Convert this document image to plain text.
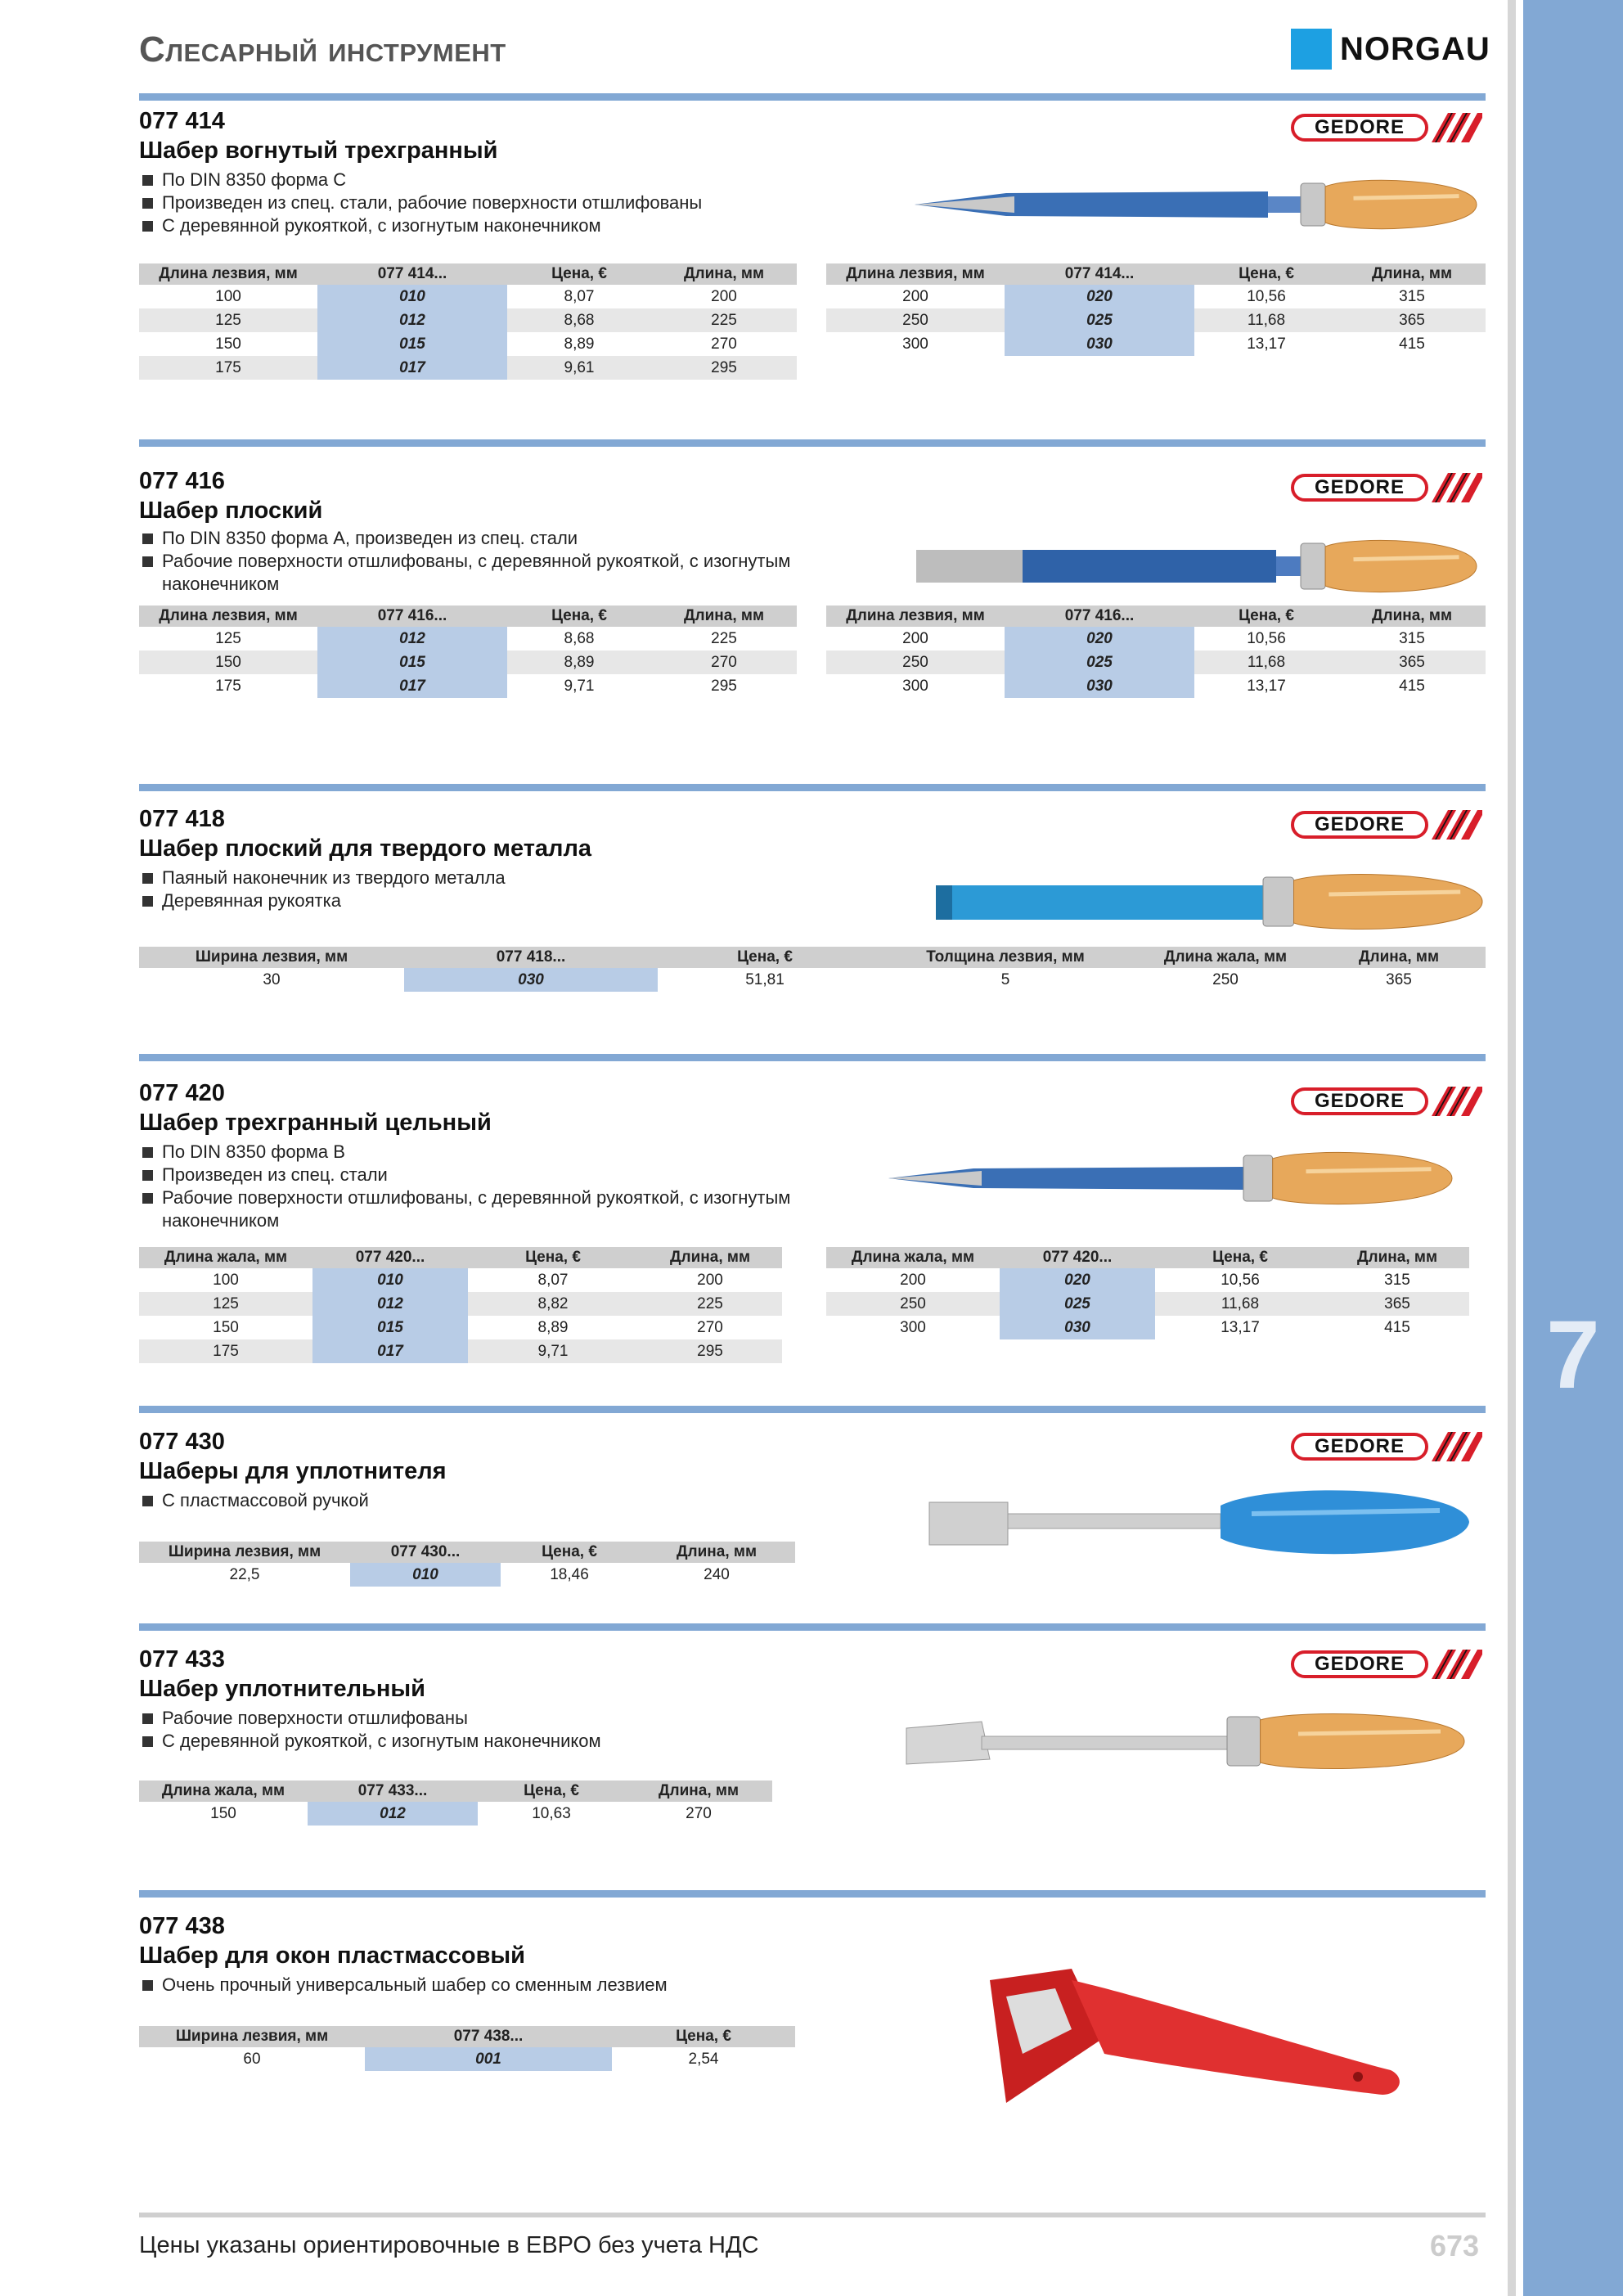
7
Слесарный инструмент	NORGAU
077 414
Шабер вогнутый трехгранный
По DIN 8350 форма С
Произведен из спец. стали, рабочие поверхности отшлифованы
С деревянной рукояткой, с изогнутым наконечником
GEDORE
Длина лезвия, мм	077 414...	Цена, €	Длина, мм
100	010	8,07	200
125	012	8,68	225
150	015	8,89	270
175	017	9,61	295
Длина лезвия, мм	077 414...	Цена, €	Длина, мм
200	020	10,56	315
250	025	11,68	365
300	030	13,17	415
077 416
Шабер плоский
По DIN 8350 форма А, произведен из спец. стали
Рабочие поверхности отшлифованы, с деревянной рукояткой, с изогнутым наконечником
GEDORE
Длина лезвия, мм	077 416...	Цена, €	Длина, мм
125	012	8,68	225
150	015	8,89	270
175	017	9,71	295
Длина лезвия, мм	077 416...	Цена, €	Длина, мм
200	020	10,56	315
250	025	11,68	365
300	030	13,17	415
077 418
Шабер плоский для твердого металла
Паяный наконечник из твердого металла
Деревянная рукоятка
GEDORE
Ширина лезвия, мм	077 418...	Цена, €	Толщина лезвия, мм	Длина жала, мм	Длина, мм
30	030	51,81	5	250	365
077 420
Шабер трехгранный цельный
По DIN 8350 форма В
Произведен из спец. стали
Рабочие поверхности отшлифованы, с деревянной рукояткой, с изогнутым наконечником
GEDORE
Длина жала, мм	077 420...	Цена, €	Длина, мм
100	010	8,07	200
125	012	8,82	225
150	015	8,89	270
175	017	9,71	295
Длина жала, мм	077 420...	Цена, €	Длина, мм
200	020	10,56	315
250	025	11,68	365
300	030	13,17	415
077 430
Шаберы для уплотнителя
С пластмассовой ручкой
GEDORE
Ширина лезвия, мм	077 430...	Цена, €	Длина, мм
22,5	010	18,46	240
077 433
Шабер уплотнительный
Рабочие поверхности отшлифованы
С деревянной рукояткой, с изогнутым наконечником
GEDORE
Длина жала, мм	077 433...	Цена, €	Длина, мм
150	012	10,63	270
077 438
Шабер для окон пластмассовый
Очень прочный универсальный шабер со сменным лезвием
Ширина лезвия, мм	077 438...	Цена, €
60	001	2,54
Цены указаны ориентировочные в ЕВРО без учета НДС	673
